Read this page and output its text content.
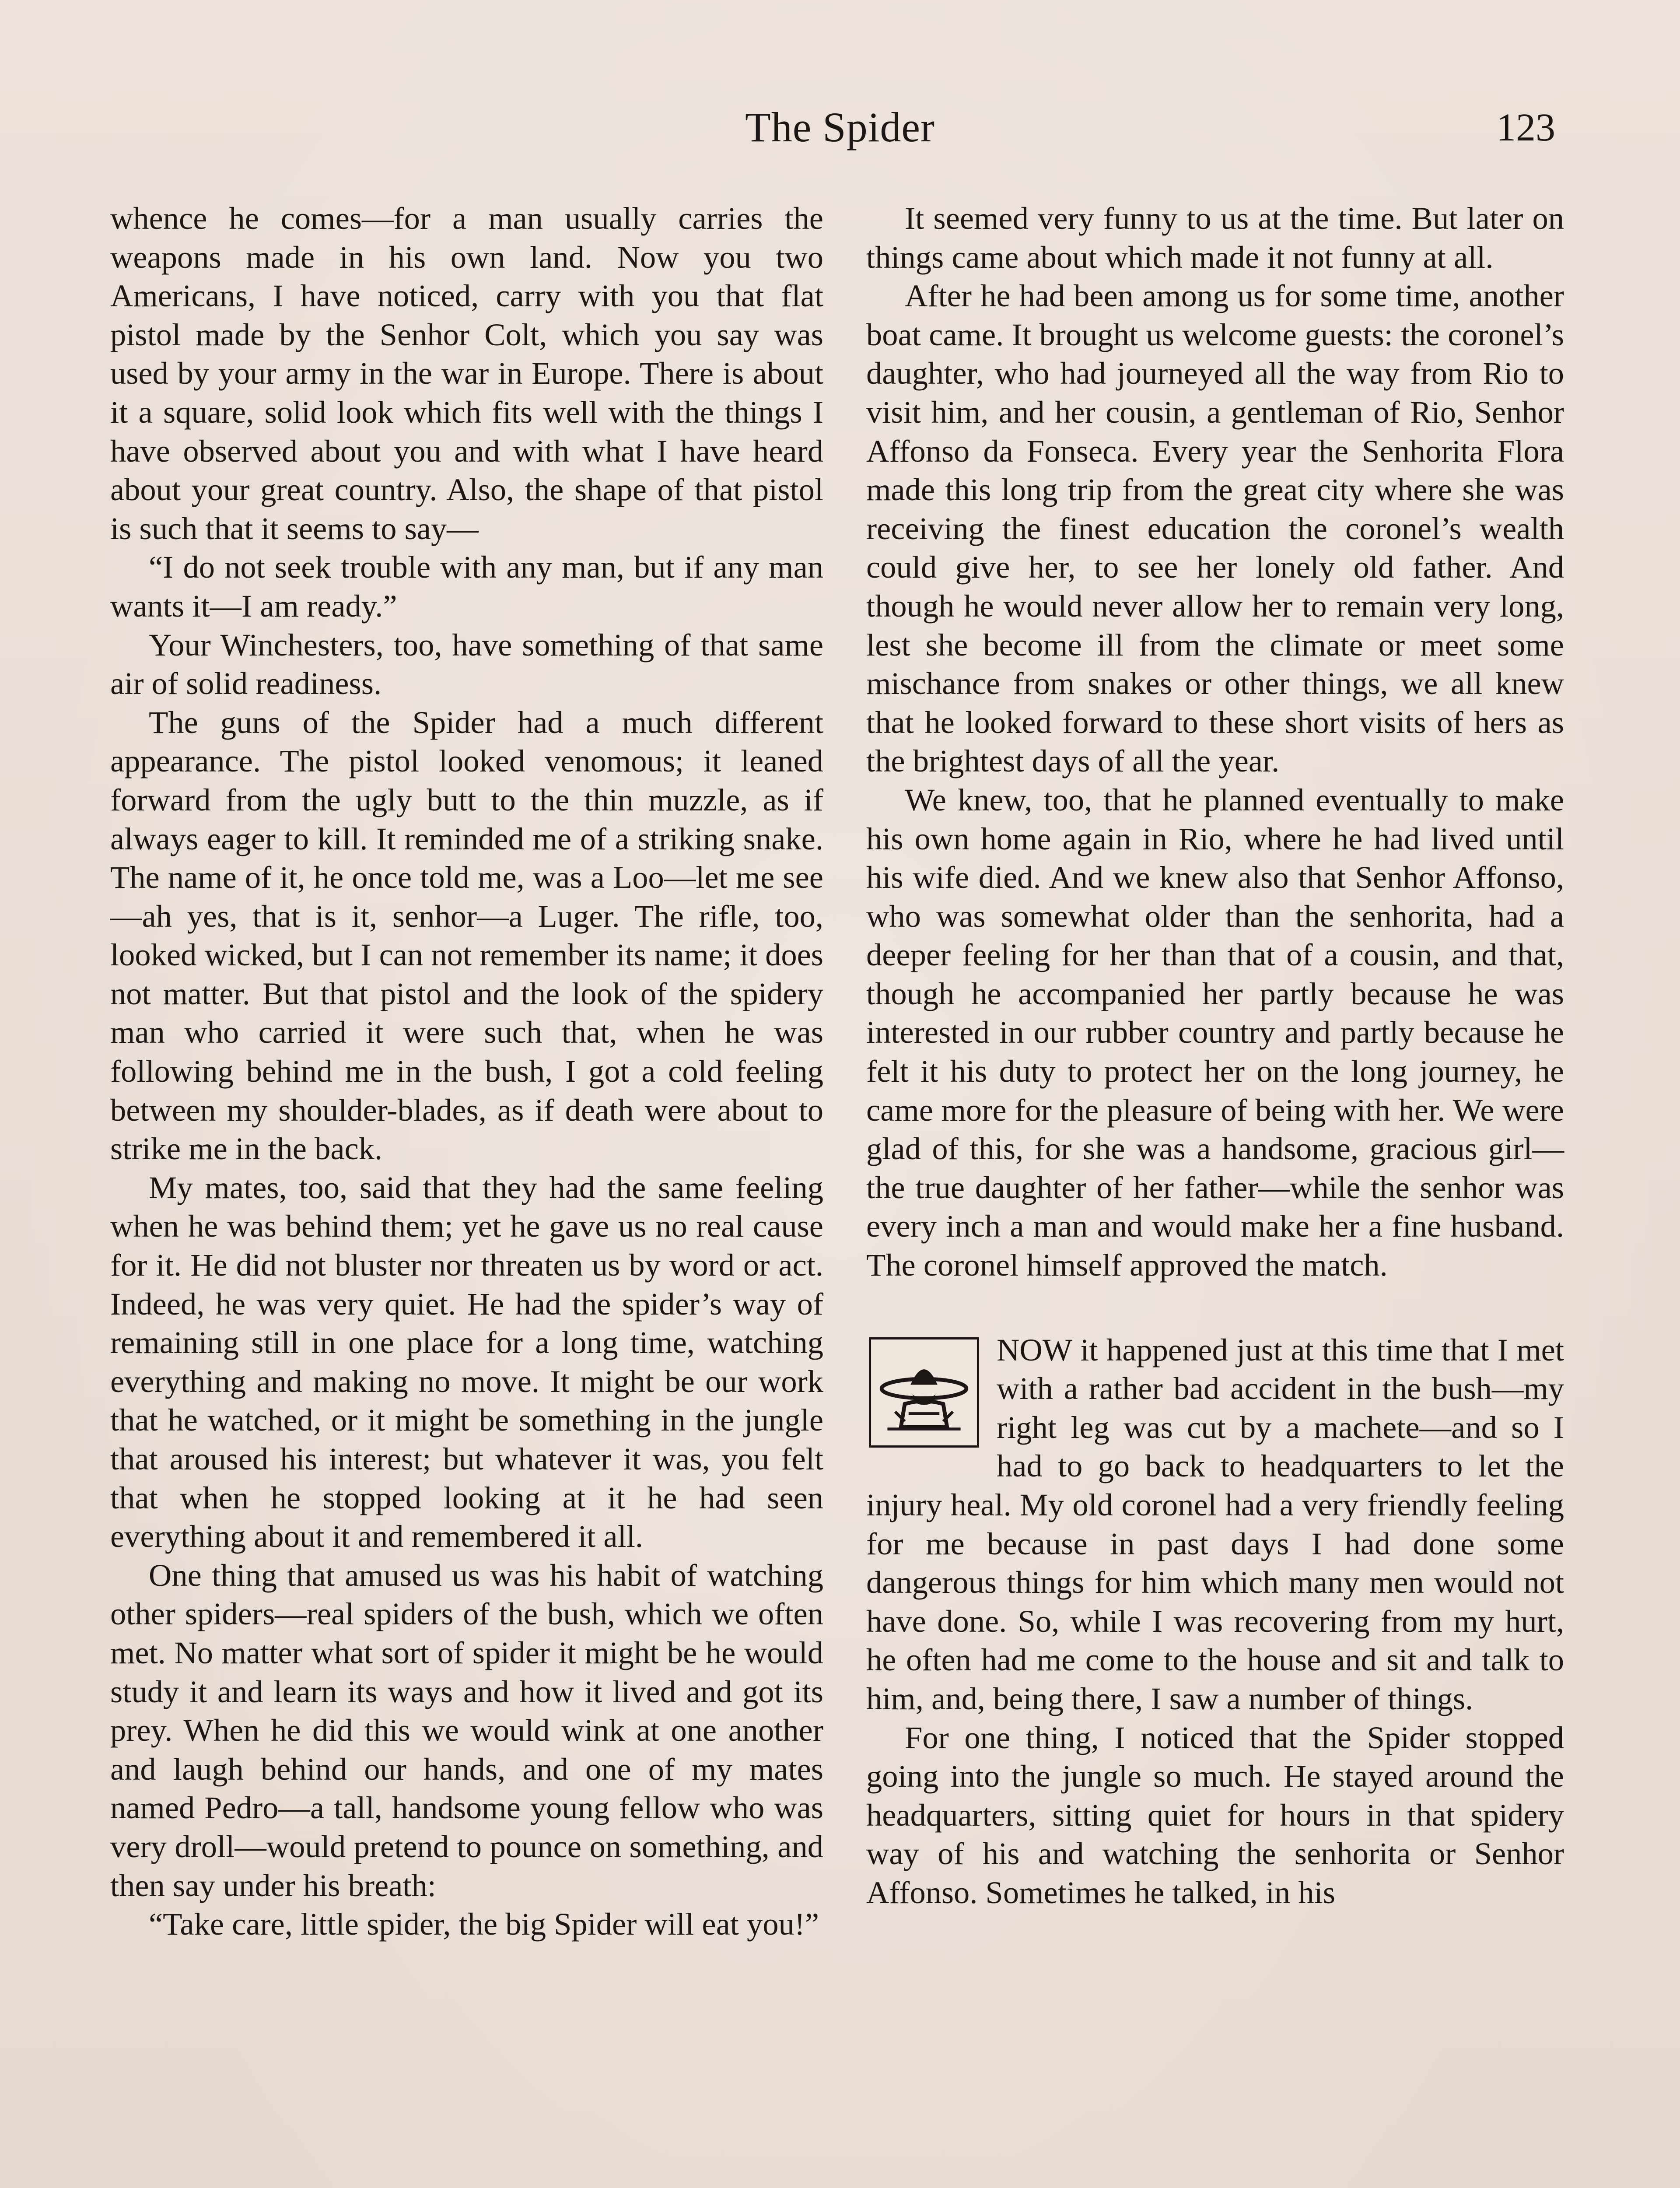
The Spider	123

whence he comes—for a man usually carries the weapons made in his own land. Now you two Americans, I have noticed, carry with you that flat pistol made by the Senhor Colt, which you say was used by your army in the war in Europe. There is about it a square, solid look which fits well with the things I have observed about you and with what I have heard about your great country. Also, the shape of that pistol is such that it seems to say—

“I do not seek trouble with any man, but if any man wants it—I am ready.”

Your Winchesters, too, have something of that same air of solid readiness.

The guns of the Spider had a much different appearance. The pistol looked venomous; it leaned forward from the ugly butt to the thin muzzle, as if always eager to kill. It reminded me of a striking snake. The name of it, he once told me, was a Loo—let me see—ah yes, that is it, senhor—a Luger. The rifle, too, looked wicked, but I can not remember its name; it does not matter. But that pistol and the look of the spidery man who carried it were such that, when he was following behind me in the bush, I got a cold feeling between my shoulder-blades, as if death were about to strike me in the back.

My mates, too, said that they had the same feeling when he was behind them; yet he gave us no real cause for it. He did not bluster nor threaten us by word or act. Indeed, he was very quiet. He had the spider’s way of remaining still in one place for a long time, watching everything and making no move. It might be our work that he watched, or it might be something in the jungle that aroused his interest; but whatever it was, you felt that when he stopped looking at it he had seen everything about it and remembered it all.

One thing that amused us was his habit of watching other spiders—real spiders of the bush, which we often met. No matter what sort of spider it might be he would study it and learn its ways and how it lived and got its prey. When he did this we would wink at one another and laugh behind our hands, and one of my mates named Pedro—a tall, handsome young fellow who was very droll—would pretend to pounce on something, and then say under his breath:

“Take care, little spider, the big Spider will eat you!”

It seemed very funny to us at the time. But later on things came about which made it not funny at all.

After he had been among us for some time, another boat came. It brought us welcome guests: the coronel’s daughter, who had journeyed all the way from Rio to visit him, and her cousin, a gentleman of Rio, Senhor Affonso da Fonseca. Every year the Senhorita Flora made this long trip from the great city where she was receiving the finest education the coronel’s wealth could give her, to see her lonely old father. And though he would never allow her to remain very long, lest she become ill from the climate or meet some mischance from snakes or other things, we all knew that he looked forward to these short visits of hers as the brightest days of all the year.

We knew, too, that he planned eventually to make his own home again in Rio, where he had lived until his wife died. And we knew also that Senhor Affonso, who was somewhat older than the senhorita, had a deeper feeling for her than that of a cousin, and that, though he accompanied her partly because he was interested in our rubber country and partly because he felt it his duty to protect her on the long journey, he came more for the pleasure of being with her. We were glad of this, for she was a handsome, gracious girl—the true daughter of her father—while the senhor was every inch a man and would make her a fine husband. The coronel himself approved the match.

NOW it happened just at this time that I met with a rather bad accident in the bush—my right leg was cut by a machete—and so I had to go back to headquarters to let the injury heal. My old coronel had a very friendly feeling for me because in past days I had done some dangerous things for him which many men would not have done. So, while I was recovering from my hurt, he often had me come to the house and sit and talk to him, and, being there, I saw a number of things.

For one thing, I noticed that the Spider stopped going into the jungle so much. He stayed around the headquarters, sitting quiet for hours in that spidery way of his and watching the senhorita or Senhor Affonso. Sometimes he talked, in his
